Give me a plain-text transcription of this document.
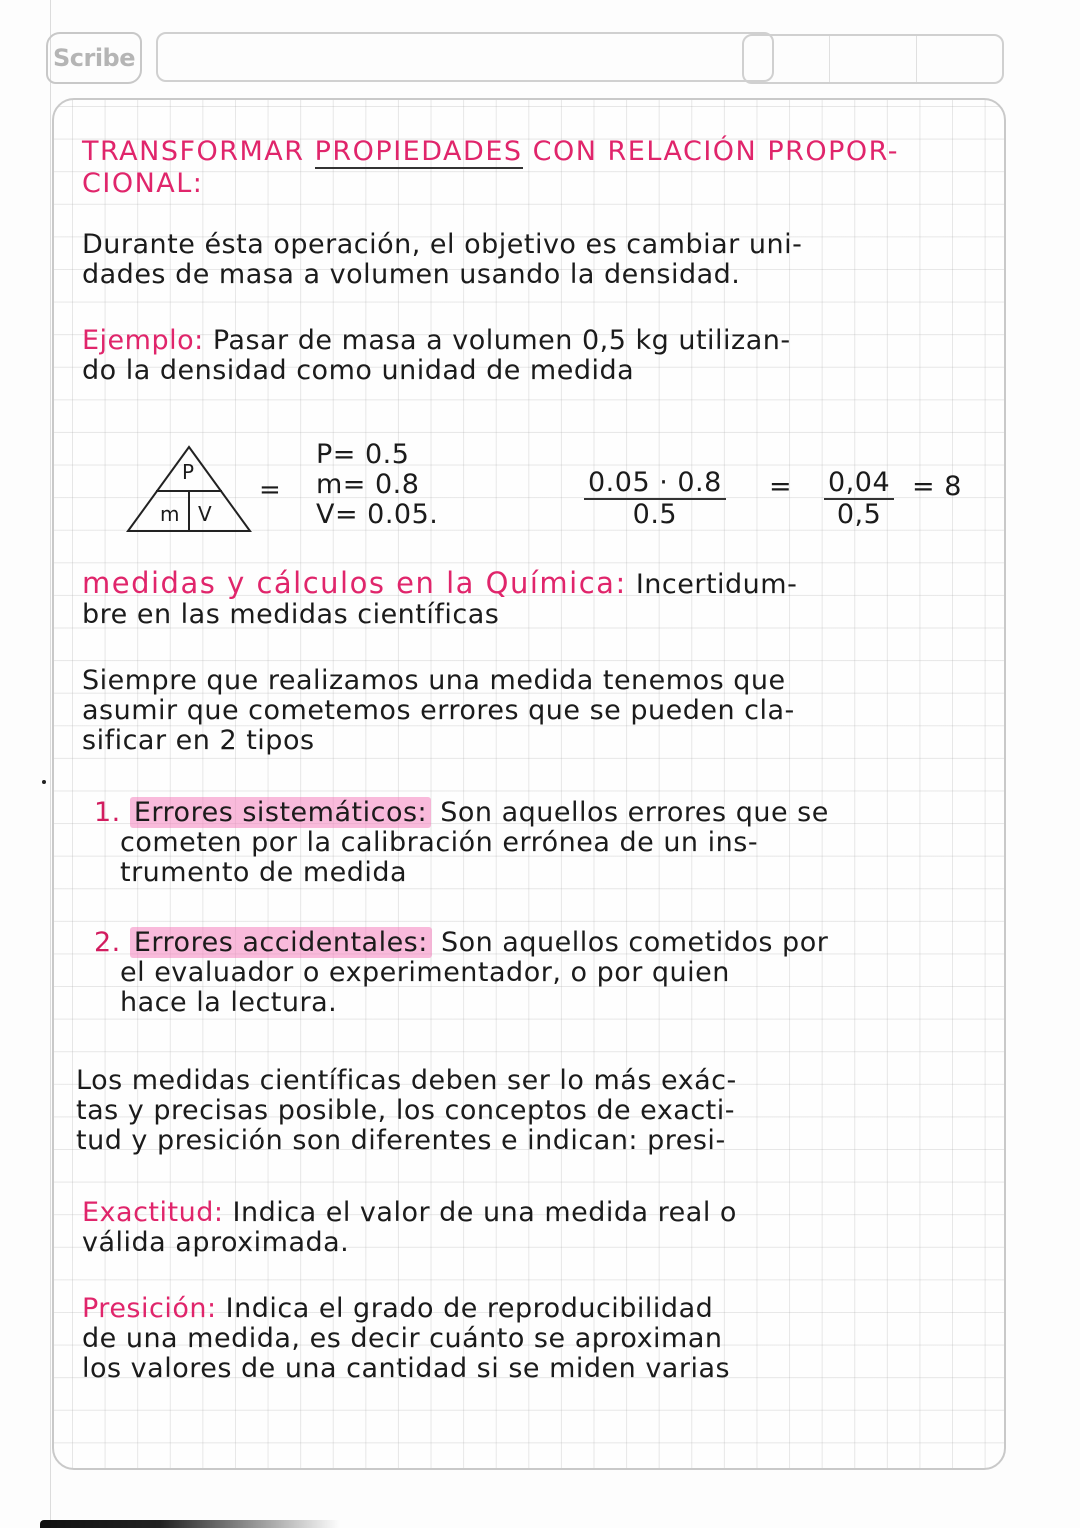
Scribe
TRANSFORMAR PROPIEDADES CON RELACIÓN PROPOR-
CIONAL:
Durante ésta operación, el objetivo es cambiar uni-
dades de masa a volumen usando la densidad.
Ejemplo: Pasar de masa a volumen 0,5 kg utilizan-
do la densidad como unidad de medida
P
m V
=
P= 0.5
m= 0.8
V= 0.05.	$\frac{0.05 \cdot 0.8}{0.5} = \frac{0,04}{0,5} = 8$
medidas y cálculos en la Química: Incertidum-
bre en las medidas científicas
Siempre que realizamos una medida tenemos que
asumir que cometemos errores que se pueden cla-
sificar en 2 tipos
1. Errores sistemáticos: Son aquellos errores que se
cometen por la calibración errónea de un ins-
trumento de medida
2. Errores accidentales: Son aquellos cometidos por
el evaluador o experimentador, o por quien
hace la lectura.
Los medidas científicas deben ser lo más exác-
tas y precisas posible, los conceptos de exacti-
tud y presición son diferentes e indican: presi-
Exactitud: Indica el valor de una medida real o
válida aproximada.
Presición: Indica el grado de reproducibilidad
de una medida, es decir cuánto se aproximan
los valores de una cantidad si se miden varias
